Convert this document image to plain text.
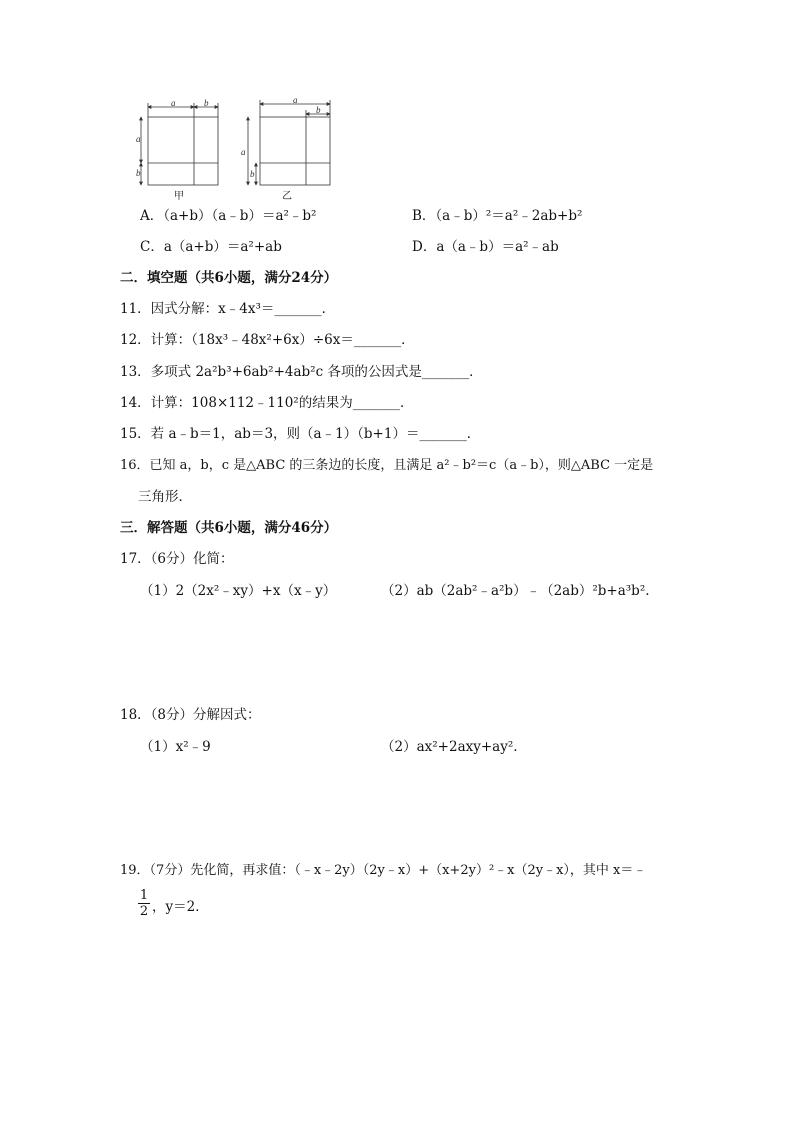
a	b
a
b
a
b
a
b
甲	乙
A．（a+b）（a﹣b）＝a²﹣b²	B．（a﹣b）²＝a²﹣2ab+b²
C．a（a+b）＝a²+ab	D．a（a﹣b）＝a²﹣ab
二．填空题（共6小题，满分24分）
11．因式分解：x﹣4x³＝_______．
12．计算：（18x³﹣48x²+6x）÷6x＝_______．
13．多项式 2a²b³+6ab²+4ab²c 各项的公因式是_______．
14．计算：108×112﹣110²的结果为_______．
15．若 a﹣b＝1，ab＝3，则（a﹣1）（b+1）＝_______．
16．已知 a，b，c 是△ABC 的三条边的长度，且满足 a²﹣b²＝c（a﹣b），则△ABC 一定是
三角形．
三．解答题（共6小题，满分46分）
17．（6分）化简：
（1）2（2x²﹣xy）+x（x﹣y）	（2）ab（2ab²﹣a²b）﹣（2ab）²b+a³b².
18．（8分）分解因式：
（1）x²﹣9	（2）ax²+2axy+ay².
19．（7分）先化简，再求值：（﹣x﹣2y）（2y﹣x）+（x+2y）²﹣x（2y﹣x），其中 x＝﹣
$\frac{1}{2}$ ，y＝2．
